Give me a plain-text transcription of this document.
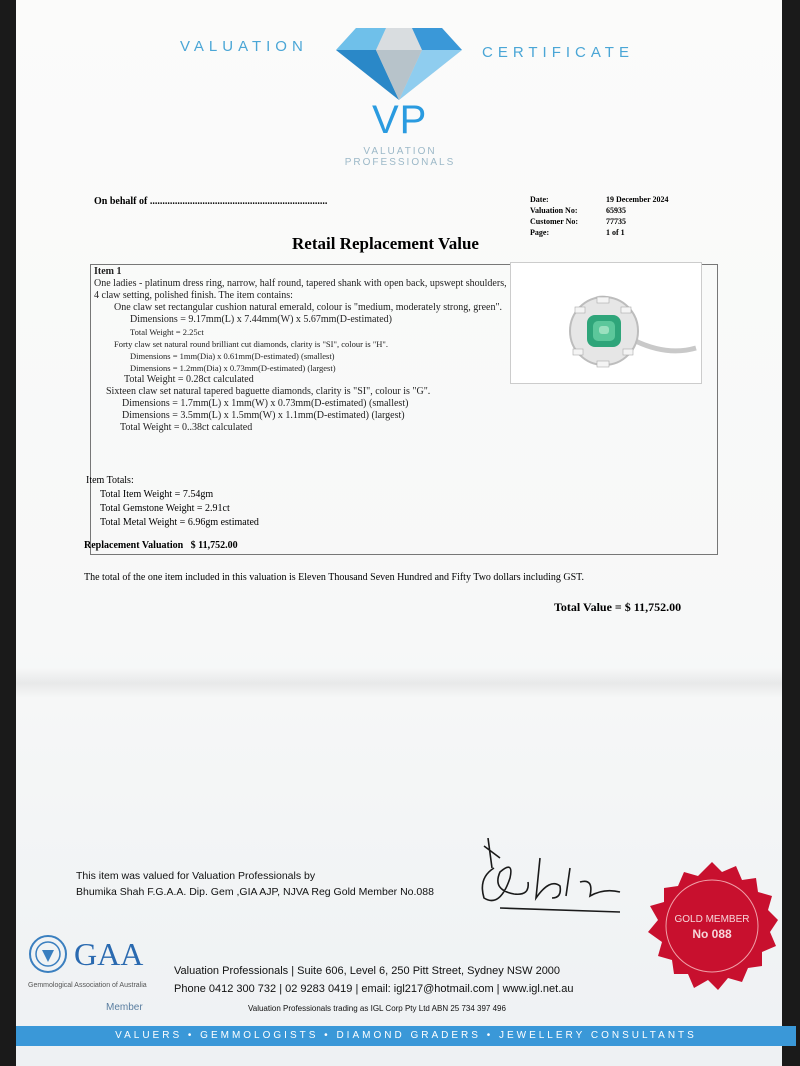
VALUATION	CERTIFICATE
VP
VALUATION PROFESSIONALS
On behalf of .......................................................................	Date:	19 December 2024
Valuation No:	65935
Customer No:	77735
Page:	1 of 1
Retail Replacement Value
Item 1
One ladies - platinum dress ring, narrow, half round, tapered shank with open back, upswept shoulders, 4 claw setting, polished finish. The item contains:
One claw set rectangular cushion natural emerald, colour is "medium, moderately strong, green".
Dimensions = 9.17mm(L) x 7.44mm(W) x 5.67mm(D-estimated)
Total Weight = 2.25ct
Forty claw set natural round brilliant cut diamonds, clarity is "SI", colour is "H".
Dimensions = 1mm(Dia) x 0.61mm(D-estimated) (smallest)
Dimensions = 1.2mm(Dia) x 0.73mm(D-estimated) (largest)
Total Weight = 0.28ct calculated
Sixteen claw set natural tapered baguette diamonds, clarity is "SI", colour is "G".
Dimensions = 1.7mm(L) x 1mm(W) x 0.73mm(D-estimated) (smallest)
Dimensions = 3.5mm(L) x 1.5mm(W) x 1.1mm(D-estimated) (largest)
Total Weight = 0..38ct calculated
Item Totals:
Total Item Weight = 7.54gm
Total Gemstone Weight = 2.91ct
Total Metal Weight = 6.96gm estimated
Replacement Valuation   $ 11,752.00
The total of the one item included in this valuation is Eleven Thousand Seven Hundred and Fifty Two dollars including GST.
Total Value = $ 11,752.00
This item was valued for Valuation Professionals by
Bhumika Shah F.G.A.A. Dip. Gem ,GIA AJP, NJVA Reg Gold Member No.088
GOLD MEMBER
No 088
GAA
Gemmological Association of Australia
Member
Valuation Professionals | Suite 606, Level 6, 250 Pitt Street, Sydney NSW 2000
Phone 0412 300 732 | 02 9283 0419 | email: igl217@hotmail.com | www.igl.net.au
Valuation Professionals trading as IGL Corp Pty Ltd ABN 25 734 397 496
VALUERS • GEMMOLOGISTS • DIAMOND GRADERS • JEWELLERY CONSULTANTS
